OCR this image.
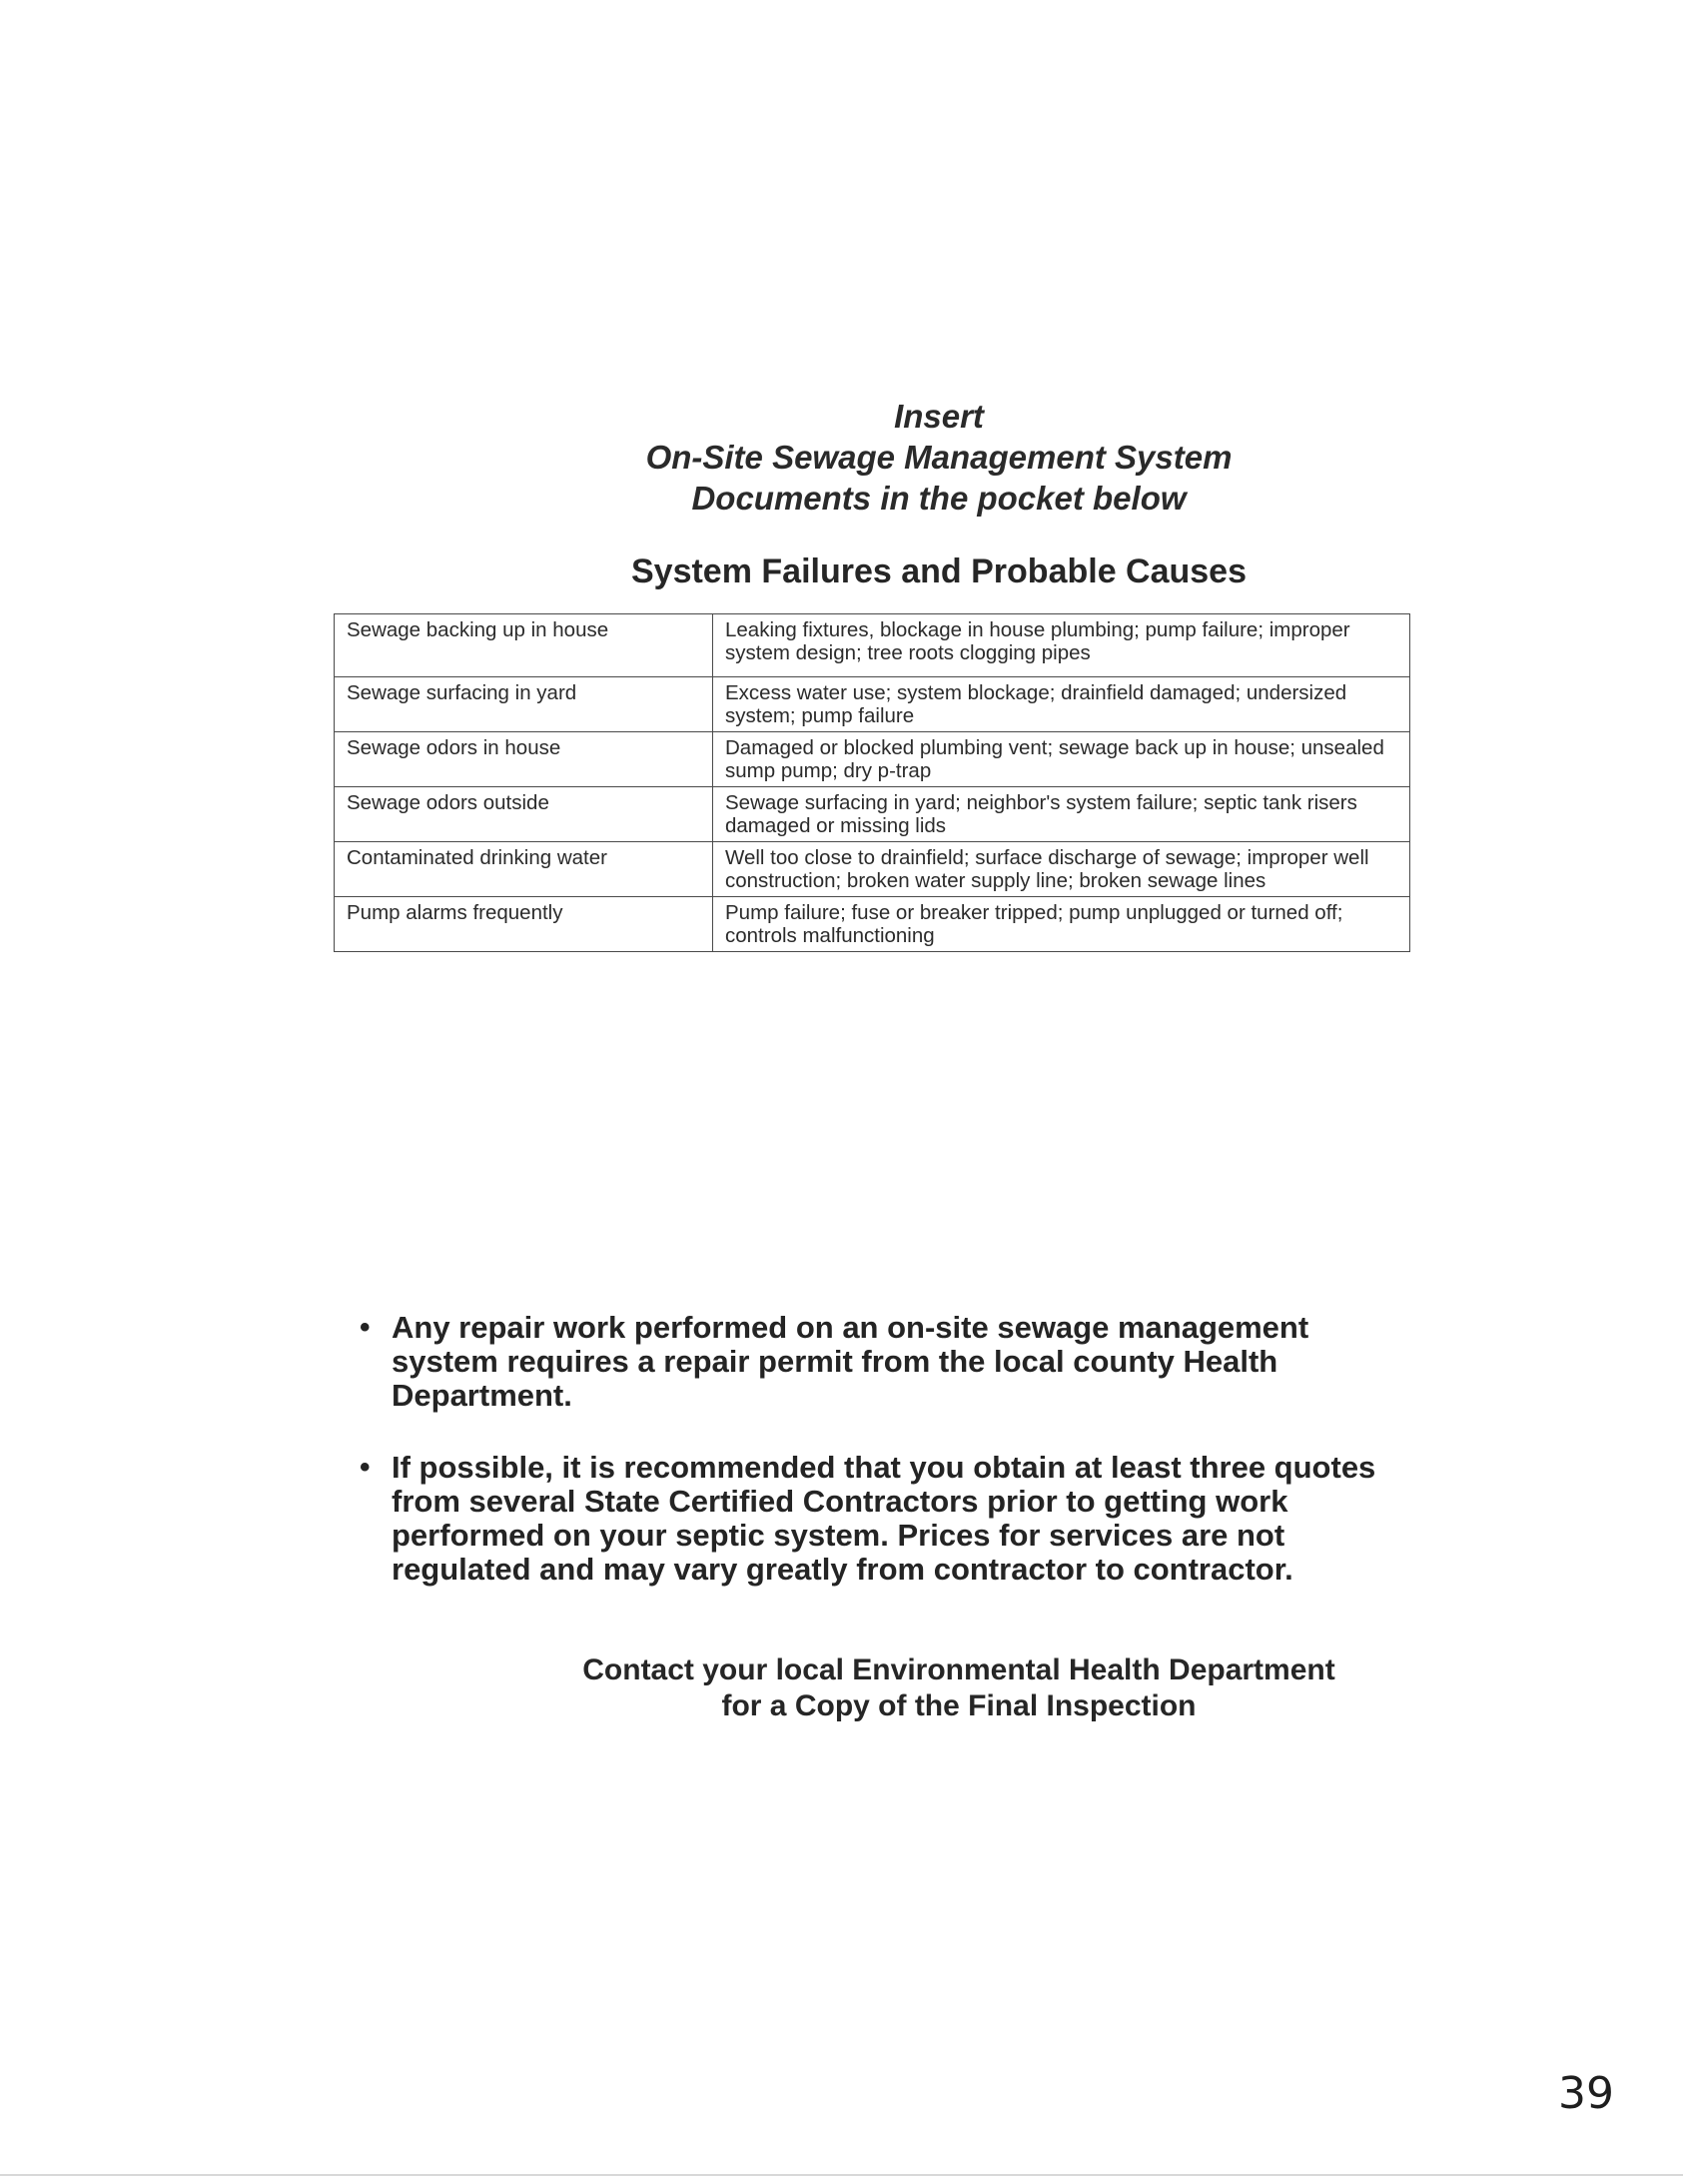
Insert
On-Site Sewage Management System
Documents in the pocket below
System Failures and Probable Causes
Sewage backing up in house	Leaking fixtures, blockage in house plumbing; pump failure; improper system design; tree roots clogging pipes
Sewage surfacing in yard	Excess water use; system blockage; drainfield damaged; undersized system; pump failure
Sewage odors in house	Damaged or blocked plumbing vent; sewage back up in house; unsealed sump pump; dry p-trap
Sewage odors outside	Sewage surfacing in yard; neighbor's system failure; septic tank risers damaged or missing lids
Contaminated drinking water	Well too close to drainfield; surface discharge of sewage; improper well construction; broken water supply line; broken sewage lines
Pump alarms frequently	Pump failure; fuse or breaker tripped; pump unplugged or turned off; controls malfunctioning
• Any repair work performed on an on-site sewage management system requires a repair permit from the local county Health Department.
• If possible, it is recommended that you obtain at least three quotes from several State Certified Contractors prior to getting work performed on your septic system. Prices for services are not regulated and may vary greatly from contractor to contractor.
Contact your local Environmental Health Department
for a Copy of the Final Inspection
39
